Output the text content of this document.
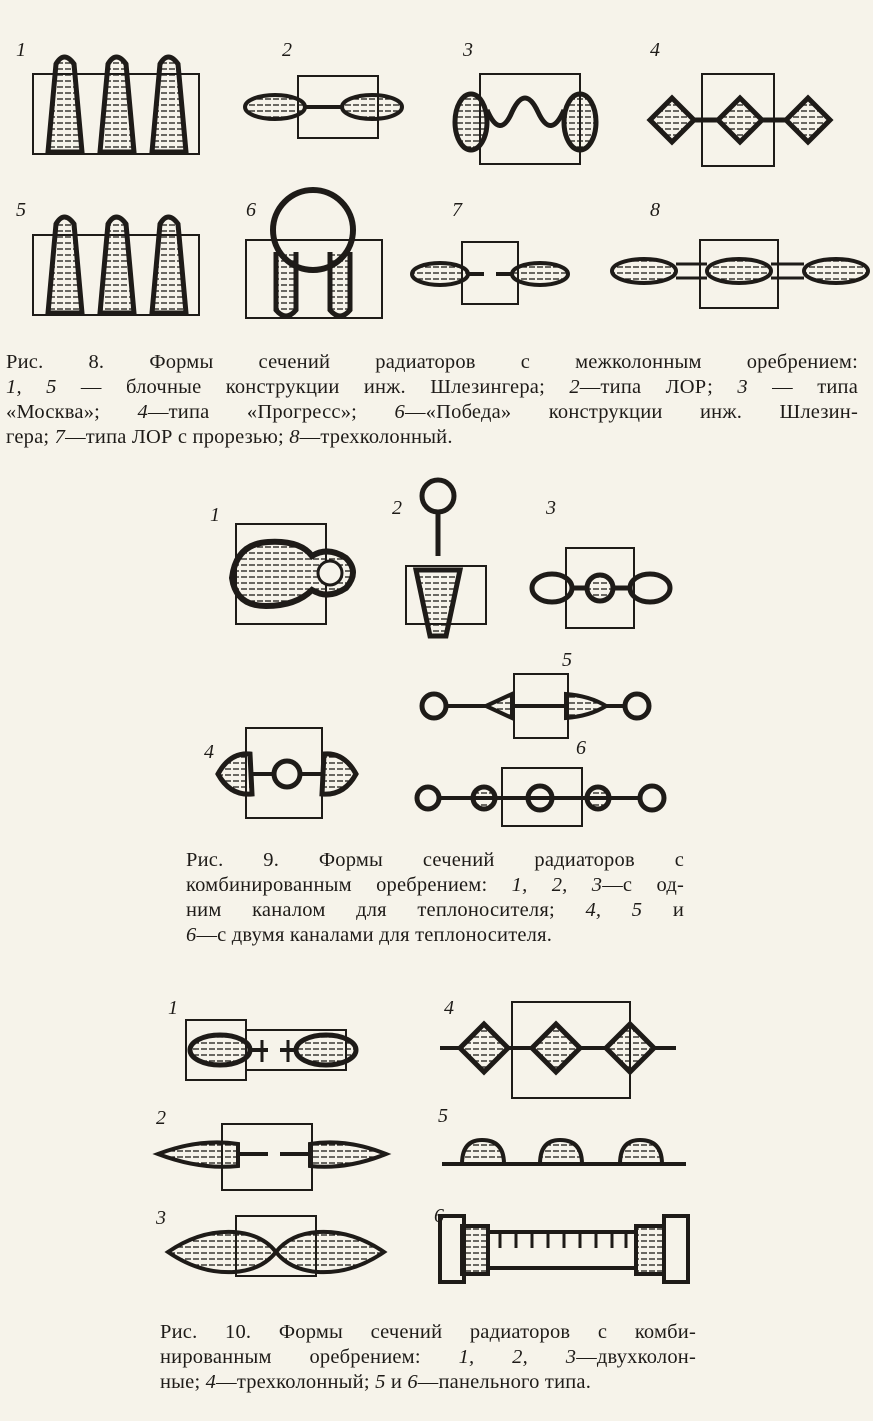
1	2	3	4
5	6	7	8
Рис. 8. Формы сечений радиаторов с межколонным оребрением:
1, 5 — блочные конструкции инж. Шлезингера; 2—типа ЛОР; 3 — типа
«Москва»; 4—типа «Прогресс»; 6—«Победа» конструкции инж. Шлезин-
гера; 7—типа ЛОР с прорезью; 8—трехколонный.
1	2	3
4
5
6
Рис. 9. Формы сечений радиаторов с
комбинированным оребрением: 1, 2, 3—с од-
ним каналом для теплоносителя; 4, 5 и
6—с двумя каналами для теплоносителя.
1
2
3
4
5
6
Рис. 10. Формы сечений радиаторов с комби-
нированным оребрением: 1, 2, 3—двухколон-
ные; 4—трехколонный; 5 и 6—панельного типа.
